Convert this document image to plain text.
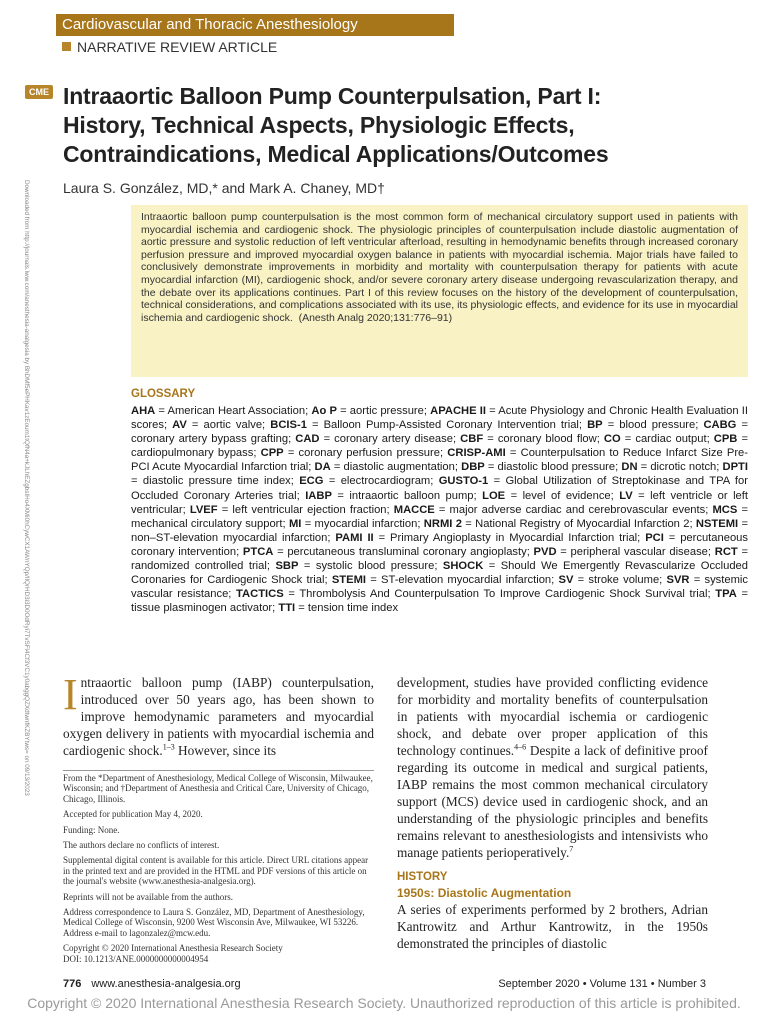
Cardiovascular and Thoracic Anesthesiology
NARRATIVE REVIEW ARTICLE
CME Intraaortic Balloon Pump Counterpulsation, Part I: History, Technical Aspects, Physiologic Effects, Contraindications, Medical Applications/Outcomes
Laura S. González, MD,* and Mark A. Chaney, MD†
Downloaded from http://journals.lww.com/anesthesia-analgesia by BhDMf5ePHKav1zEoum1tQfN4a+kJLhEZgbsIHo4XMi0hCywCX1AWnYQp/IlQrHD3i3D0OdRyi7TvSFl4Cf3VC1y0abggQZXdtwnfKZBYtws= on 09/13/2023	Intraaortic balloon pump counterpulsation is the most common form of mechanical circulatory support used in patients with myocardial ischemia and cardiogenic shock. The physiologic principles of counterpulsation include diastolic augmentation of aortic pressure and systolic reduction of left ventricular afterload, resulting in hemodynamic benefits through increased coronary perfusion pressure and improved myocardial oxygen balance in patients with myocardial ischemia. Major trials have failed to conclusively demonstrate improvements in morbidity and mortality with counterpulsation therapy for patients with acute myocardial infarction (MI), cardiogenic shock, and/or severe coronary artery disease undergoing revascularization therapy, and the debate over its applications continues. Part I of this review focuses on the history of the development of counterpulsation, technical considerations, and complications associated with its use, its physiologic effects, and evidence for its use in myocardial ischemia and cardiogenic shock. (Anesth Analg 2020;131:776–91)
GLOSSARY
AHA = American Heart Association; Ao P = aortic pressure; APACHE II = Acute Physiology and Chronic Health Evaluation II scores; AV = aortic valve; BCIS-1 = Balloon Pump-Assisted Coronary Intervention trial; BP = blood pressure; CABG = coronary artery bypass grafting; CAD = coronary artery disease; CBF = coronary blood flow; CO = cardiac output; CPB = cardiopulmonary bypass; CPP = coronary perfusion pressure; CRISP-AMI = Counterpulsation to Reduce Infarct Size Pre-PCI Acute Myocardial Infarction trial; DA = diastolic augmentation; DBP = diastolic blood pressure; DN = dicrotic notch; DPTI = diastolic pressure time index; ECG = electrocardiogram; GUSTO-1 = Global Utilization of Streptokinase and TPA for Occluded Coronary Arteries trial; IABP = intraaortic balloon pump; LOE = level of evidence; LV = left ventricle or left ventricular; LVEF = left ventricular ejection fraction; MACCE = major adverse cardiac and cerebrovascular events; MCS = mechanical circulatory support; MI = myocardial infarction; NRMI 2 = National Registry of Myocardial Infarction 2; NSTEMI = non–ST-elevation myocardial infarction; PAMI II = Primary Angioplasty in Myocardial Infarction trial; PCI = percutaneous coronary intervention; PTCA = percutaneous transluminal coronary angioplasty; PVD = peripheral vascular disease; RCT = randomized controlled trial; SBP = systolic blood pressure; SHOCK = Should We Emergently Revascularize Occluded Coronaries for Cardiogenic Shock trial; STEMI = ST-elevation myocardial infarction; SV = stroke volume; SVR = systemic vascular resistance; TACTICS = Thrombolysis And Counterpulsation To Improve Cardiogenic Shock Survival trial; TPA = tissue plasminogen activator; TTI = tension time index

Intraaortic balloon pump (IABP) counterpulsation, introduced over 50 years ago, has been shown to improve hemodynamic parameters and myocardial oxygen delivery in patients with myocardial ischemia and cardiogenic shock.$^{1-3}$ However, since its

From the *Department of Anesthesiology, Medical College of Wisconsin, Milwaukee, Wisconsin; and †Department of Anesthesia and Critical Care, University of Chicago, Chicago, Illinois.

Accepted for publication May 4, 2020.

Funding: None.

The authors declare no conflicts of interest.

Supplemental digital content is available for this article. Direct URL citations appear in the printed text and are provided in the HTML and PDF versions of this article on the journal's website (www.anesthesia-analgesia.org).

Reprints will not be available from the authors.

Address correspondence to Laura S. González, MD, Department of Anesthesiology, Medical College of Wisconsin, 9200 West Wisconsin Ave, Milwaukee, WI 53226. Address e-mail to lagonzalez@mcw.edu.

Copyright © 2020 International Anesthesia Research Society
DOI: 10.1213/ANE.0000000000004954

development, studies have provided conflicting evidence for morbidity and mortality benefits of counterpulsation in patients with myocardial ischemia or cardiogenic shock, and debate over proper application of this technology continues.$^{4-6}$ Despite a lack of definitive proof regarding its outcome in medical and surgical patients, IABP remains the most common mechanical circulatory support (MCS) device used in cardiogenic shock, and an understanding of the physiologic principles and benefits remains relevant to anesthesiologists and intensivists who manage patients perioperatively.$^7$

HISTORY
1950s: Diastolic Augmentation

A series of experiments performed by 2 brothers, Adrian Kantrowitz and Arthur Kantrowitz, in the 1950s demonstrated the principles of diastolic

776 www.anesthesia-analgesia.org	September 2020 • Volume 131 • Number 3
Copyright © 2020 International Anesthesia Research Society. Unauthorized reproduction of this article is prohibited.
